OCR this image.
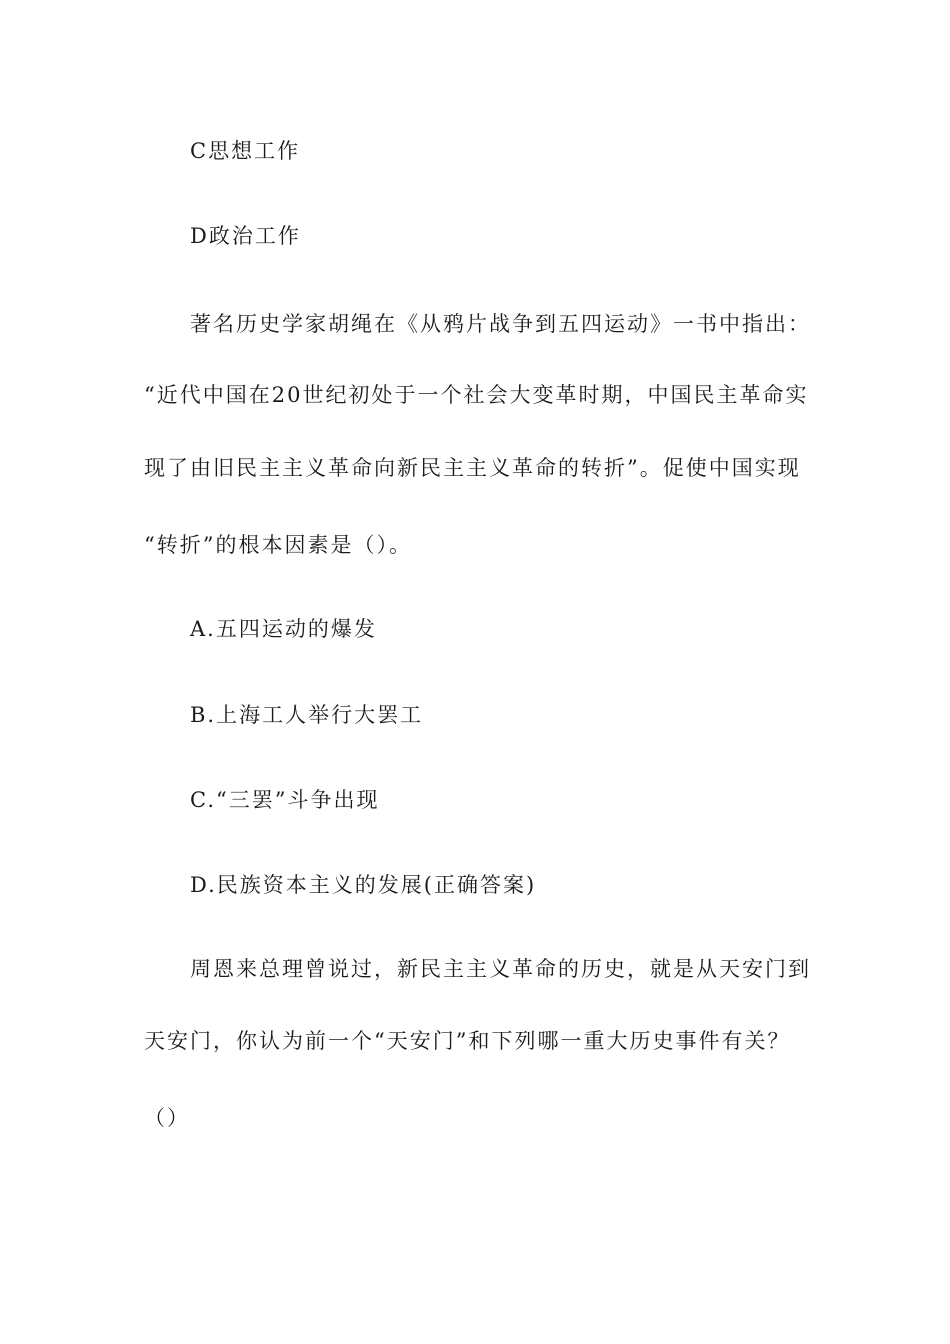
C思想工作

D政治工作

著名历史学家胡绳在《从鸦片战争到五四运动》一书中指出：

“近代中国在20世纪初处于一个社会大变革时期，中国民主革命实

现了由旧民主主义革命向新民主主义革命的转折”。促使中国实现

“转折”的根本因素是（）。

A.五四运动的爆发

B.上海工人举行大罢工

C.“三罢”斗争出现

D.民族资本主义的发展(正确答案)

周恩来总理曾说过，新民主主义革命的历史，就是从天安门到

天安门，你认为前一个“天安门”和下列哪一重大历史事件有关？

（）
